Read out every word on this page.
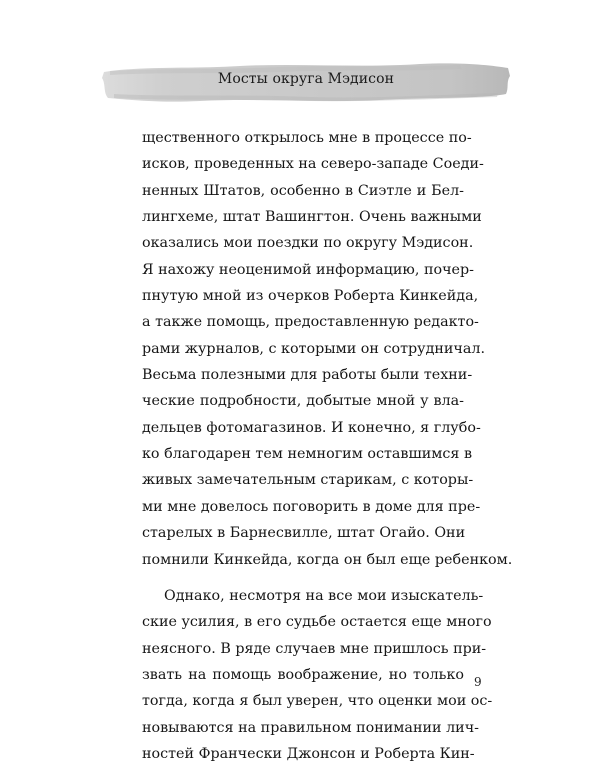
Мосты округа Мэдисон
щественного открылось мне в процессе по-
исков, проведенных на северо-западе Соеди-
ненных Штатов, особенно в Сиэтле и Бел-
лингхеме, штат Вашингтон. Очень важными
оказались мои поездки по округу Мэдисон.
Я нахожу неоценимой информацию, почер-
пнутую мной из очерков Роберта Кинкейда,
а также помощь, предоставленную редакто-
рами журналов, с которыми он сотрудничал.
Весьма полезными для работы были техни-
ческие подробности, добытые мной у вла-
дельцев фотомагазинов. И конечно, я глубо-
ко благодарен тем немногим оставшимся в
живых замечательным старикам, с которы-
ми мне довелось поговорить в доме для пре-
старелых в Барнесвилле, штат Огайо. Они
помнили Кинкейда, когда он был еще ребенком.
Однако, несмотря на все мои изыскатель-
ские усилия, в его судьбе остается еще много
неясного. В ряде случаев мне пришлось при-
звать на помощь воображение, но только
тогда, когда я был уверен, что оценки мои ос-
новываются на правильном понимании лич-
ностей Франчески Джонсон и Роберта Кин-
9
